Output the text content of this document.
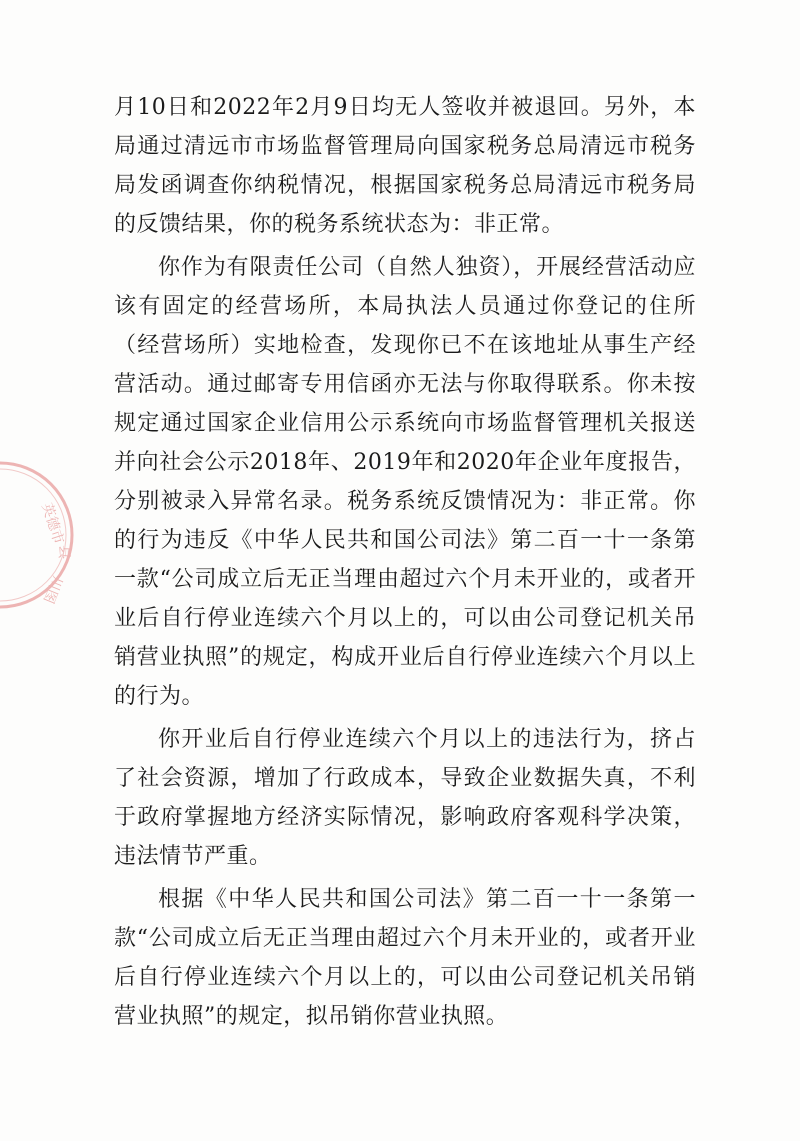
英德市
县
川图

月10日和2022年2月9日均无人签收并被退回。另外，本局通过清远市市场监督管理局向国家税务总局清远市税务局发函调查你纳税情况，根据国家税务总局清远市税务局的反馈结果，你的税务系统状态为：非正常。

你作为有限责任公司（自然人独资），开展经营活动应该有固定的经营场所，本局执法人员通过你登记的住所（经营场所）实地检查，发现你已不在该地址从事生产经营活动。通过邮寄专用信函亦无法与你取得联系。你未按规定通过国家企业信用公示系统向市场监督管理机关报送并向社会公示2018年、2019年和2020年企业年度报告，分别被录入异常名录。税务系统反馈情况为：非正常。你的行为违反《中华人民共和国公司法》第二百一十一条第一款“公司成立后无正当理由超过六个月未开业的，或者开业后自行停业连续六个月以上的，可以由公司登记机关吊销营业执照”的规定，构成开业后自行停业连续六个月以上的行为。

你开业后自行停业连续六个月以上的违法行为，挤占了社会资源，增加了行政成本，导致企业数据失真，不利于政府掌握地方经济实际情况，影响政府客观科学决策，违法情节严重。

根据《中华人民共和国公司法》第二百一十一条第一款“公司成立后无正当理由超过六个月未开业的，或者开业后自行停业连续六个月以上的，可以由公司登记机关吊销营业执照”的规定，拟吊销你营业执照。
